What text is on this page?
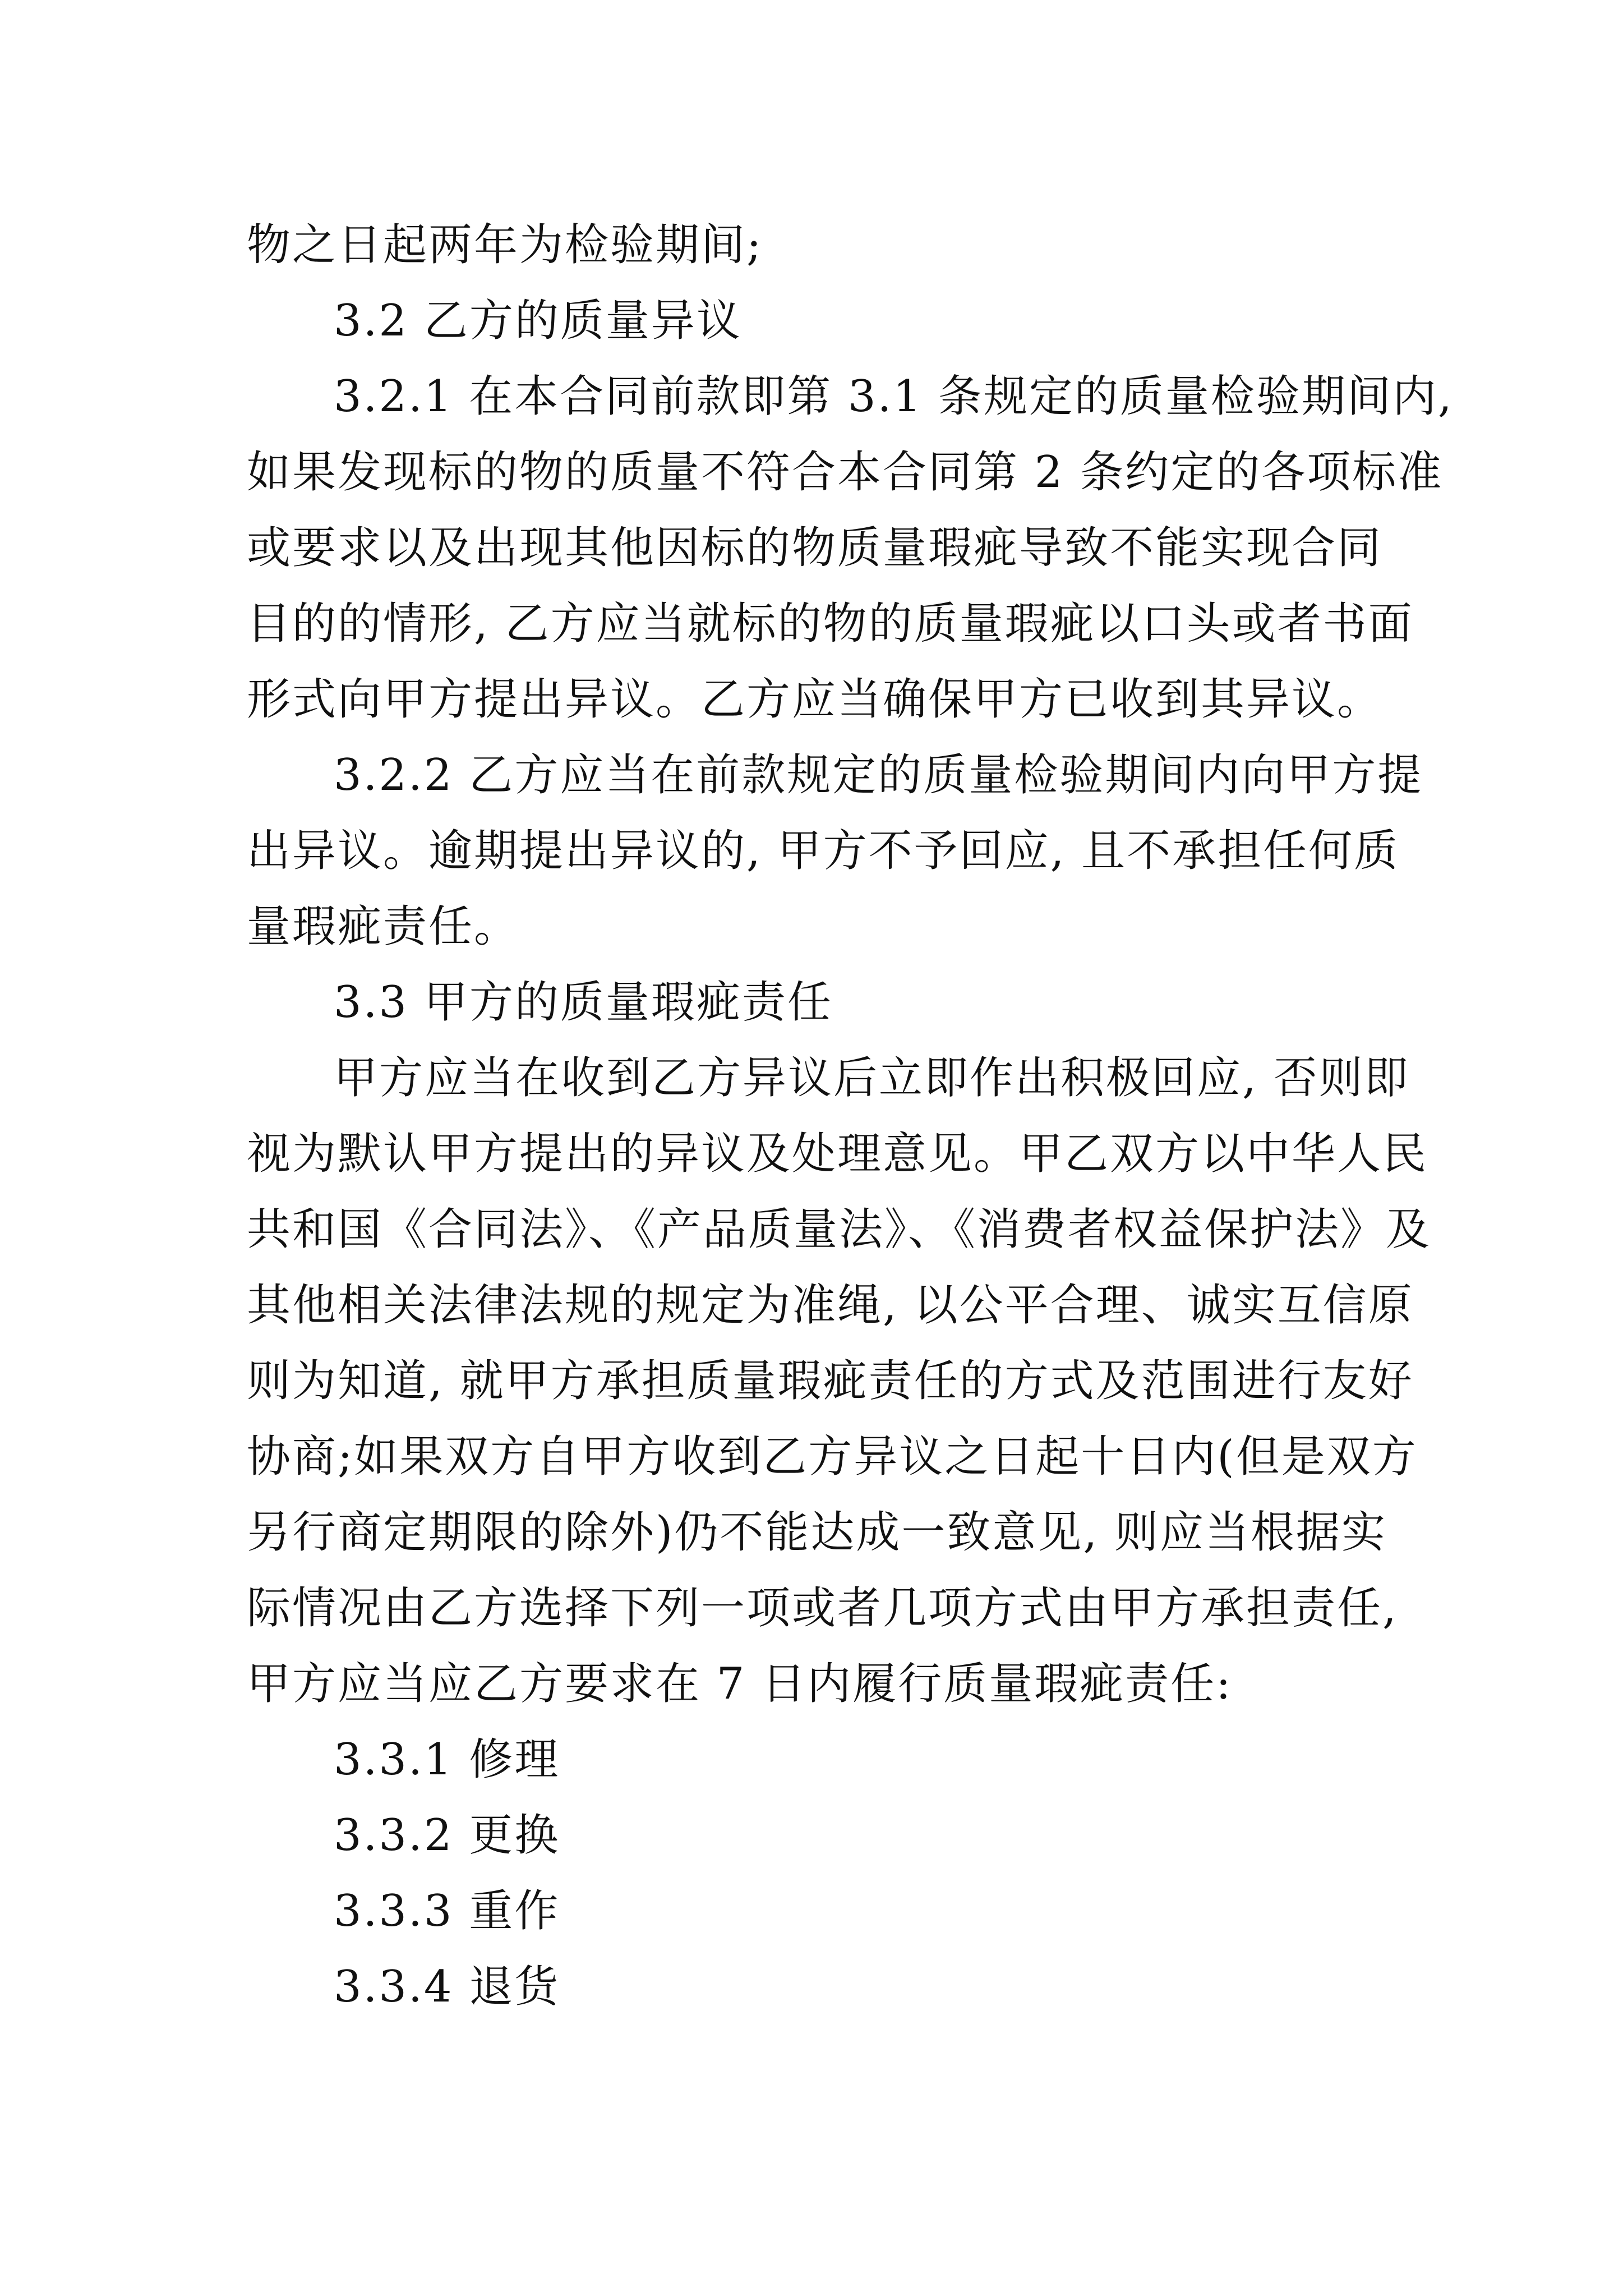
物之日起两年为检验期间;
3.2 乙方的质量异议
3.2.1 在本合同前款即第 3.1 条规定的质量检验期间内,
如果发现标的物的质量不符合本合同第 2 条约定的各项标准
或要求以及出现其他因标的物质量瑕疵导致不能实现合同
目的的情形, 乙方应当就标的物的质量瑕疵以口头或者书面
形式向甲方提出异议。乙方应当确保甲方已收到其异议。
3.2.2 乙方应当在前款规定的质量检验期间内向甲方提
出异议。逾期提出异议的, 甲方不予回应, 且不承担任何质
量瑕疵责任。
3.3 甲方的质量瑕疵责任
甲方应当在收到乙方异议后立即作出积极回应, 否则即
视为默认甲方提出的异议及处理意见。甲乙双方以中华人民
共和国《合同法》、《产品质量法》、《消费者权益保护法》及
其他相关法律法规的规定为准绳, 以公平合理、诚实互信原
则为知道, 就甲方承担质量瑕疵责任的方式及范围进行友好
协商;如果双方自甲方收到乙方异议之日起十日内(但是双方
另行商定期限的除外)仍不能达成一致意见, 则应当根据实
际情况由乙方选择下列一项或者几项方式由甲方承担责任,
甲方应当应乙方要求在 7 日内履行质量瑕疵责任:
3.3.1 修理
3.3.2 更换
3.3.3 重作
3.3.4 退货
